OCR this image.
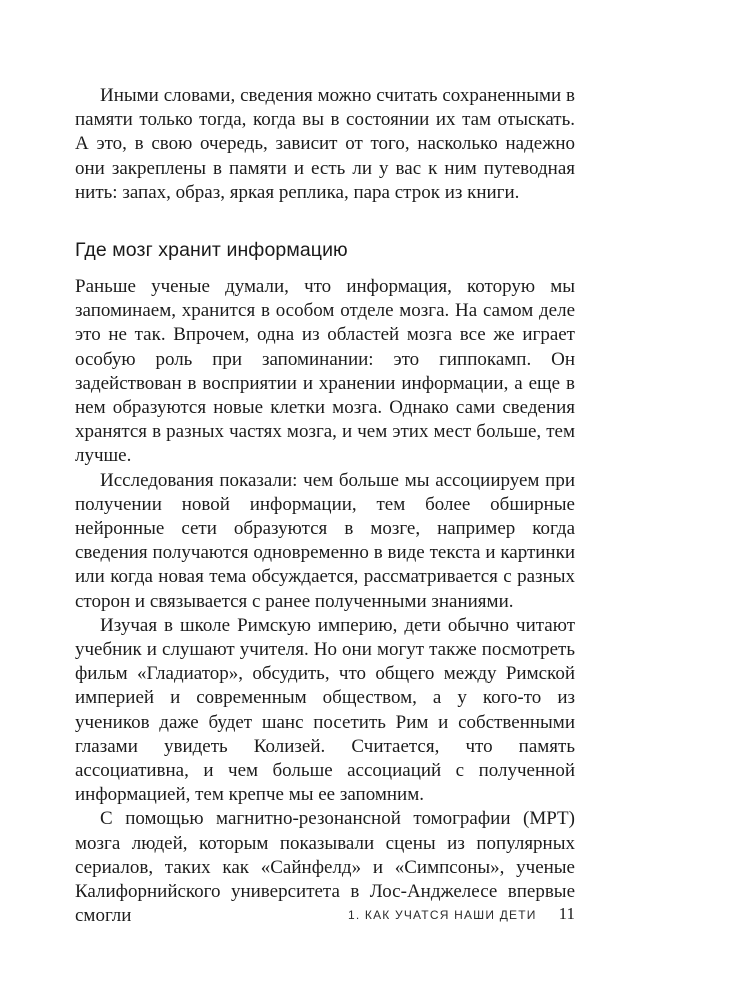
Иными словами, сведения можно считать сохраненными в памяти только тогда, когда вы в состоянии их там отыскать. А это, в свою очередь, зависит от того, насколько надежно они закреплены в памяти и есть ли у вас к ним путеводная нить: запах, образ, яркая реплика, пара строк из книги.

Где мозг хранит информацию

Раньше ученые думали, что информация, которую мы запоминаем, хранится в особом отделе мозга. На самом деле это не так. Впрочем, одна из областей мозга все же играет особую роль при запоминании: это гиппокамп. Он задействован в восприятии и хранении информации, а еще в нем образуются новые клетки мозга. Однако сами сведения хранятся в разных частях мозга, и чем этих мест больше, тем лучше.

Исследования показали: чем больше мы ассоциируем при получении новой информации, тем более обширные нейронные сети образуются в мозге, например когда сведения получаются одновременно в виде текста и картинки или когда новая тема обсуждается, рассматривается с разных сторон и связывается с ранее полученными знаниями.

Изучая в школе Римскую империю, дети обычно читают учебник и слушают учителя. Но они могут также посмотреть фильм «Гладиатор», обсудить, что общего между Римской империей и современным обществом, а у кого-то из учеников даже будет шанс посетить Рим и собственными глазами увидеть Колизей. Считается, что память ассоциативна, и чем больше ассоциаций с полученной информацией, тем крепче мы ее запомним.

С помощью магнитно-резонансной томографии (МРТ) мозга людей, которым показывали сцены из популярных сериалов, таких как «Сайнфелд» и «Симпсоны», ученые Калифорнийского университета в Лос-Анджелесе впервые смогли	1. КАК УЧАТСЯ НАШИ ДЕТИ 11
